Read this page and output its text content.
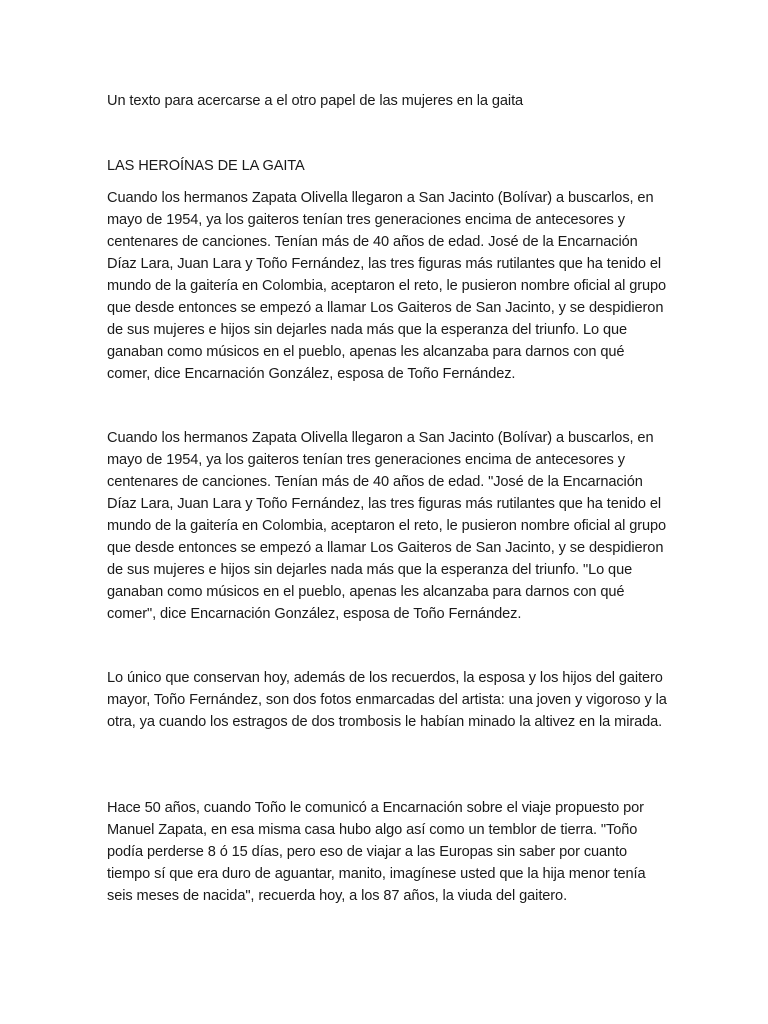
Un texto para acercarse a el otro papel de las mujeres en la gaita

LAS HEROÍNAS DE LA GAITA

Cuando los hermanos Zapata Olivella llegaron a San Jacinto (Bolívar) a buscarlos, en mayo de 1954, ya los gaiteros tenían tres generaciones encima de antecesores y centenares de canciones. Tenían más de 40 años de edad. José de la Encarnación Díaz Lara, Juan Lara y Toño Fernández, las tres figuras más rutilantes que ha tenido el mundo de la gaitería en Colombia, aceptaron el reto, le pusieron nombre oficial al grupo que desde entonces se empezó a llamar Los Gaiteros de San Jacinto, y se despidieron de sus mujeres e hijos sin dejarles nada más que la esperanza del triunfo. Lo que ganaban como músicos en el pueblo, apenas les alcanzaba para darnos con qué comer, dice Encarnación González, esposa de Toño Fernández.

Cuando los hermanos Zapata Olivella llegaron a San Jacinto (Bolívar) a buscarlos, en mayo de 1954, ya los gaiteros tenían tres generaciones encima de antecesores y centenares de canciones. Tenían más de 40 años de edad. "José de la Encarnación Díaz Lara, Juan Lara y Toño Fernández, las tres figuras más rutilantes que ha tenido el mundo de la gaitería en Colombia, aceptaron el reto, le pusieron nombre oficial al grupo que desde entonces se empezó a llamar Los Gaiteros de San Jacinto, y se despidieron de sus mujeres e hijos sin dejarles nada más que la esperanza del triunfo. "Lo que ganaban como músicos en el pueblo, apenas les alcanzaba para darnos con qué comer", dice Encarnación González, esposa de Toño Fernández.

Lo único que conservan hoy, además de los recuerdos, la esposa y los hijos del gaitero mayor, Toño Fernández, son dos fotos enmarcadas del artista: una joven y vigoroso y la otra, ya cuando los estragos de dos trombosis le habían minado la altivez en la mirada.

Hace 50 años, cuando Toño le comunicó a Encarnación sobre el viaje propuesto por Manuel Zapata, en esa misma casa hubo algo así como un temblor de tierra. "Toño podía perderse 8 ó 15 días, pero eso de viajar a las Europas sin saber por cuanto tiempo sí que era duro de aguantar, manito, imagínese usted que la hija menor tenía seis meses de nacida", recuerda hoy, a los 87 años, la viuda del gaitero.
